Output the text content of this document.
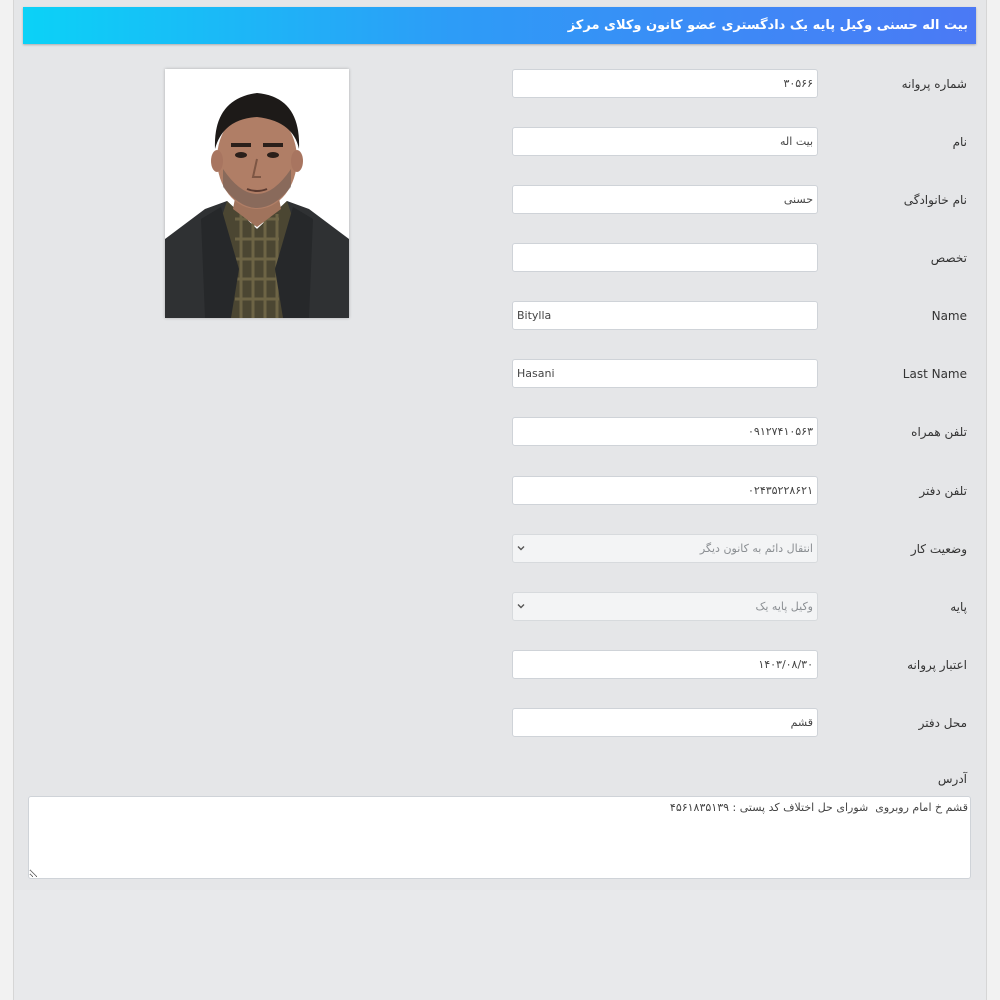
بیت اله حسنی وکیل پایه یک دادگستری عضو کانون وکلای مرکز
شماره پروانه
۳۰۵۶۶
نام
بیت اله
نام خانوادگی
حسنی
تخصص
Name
Bitylla
Last Name
Hasani
تلفن همراه
۰۹۱۲۷۴۱۰۵۶۳
تلفن دفتر
۰۲۴۳۵۲۲۸۶۲۱
وضعیت کار
انتقال دائم به کانون دیگر
پایه
وکیل پایه یک
اعتبار پروانه
۱۴۰۳/۰۸/۳۰
محل دفتر
قشم
آدرس
قشم خ امام روبروی شورای حل اختلاف کد پستی : ۴۵۶۱۸۳۵۱۳۹
